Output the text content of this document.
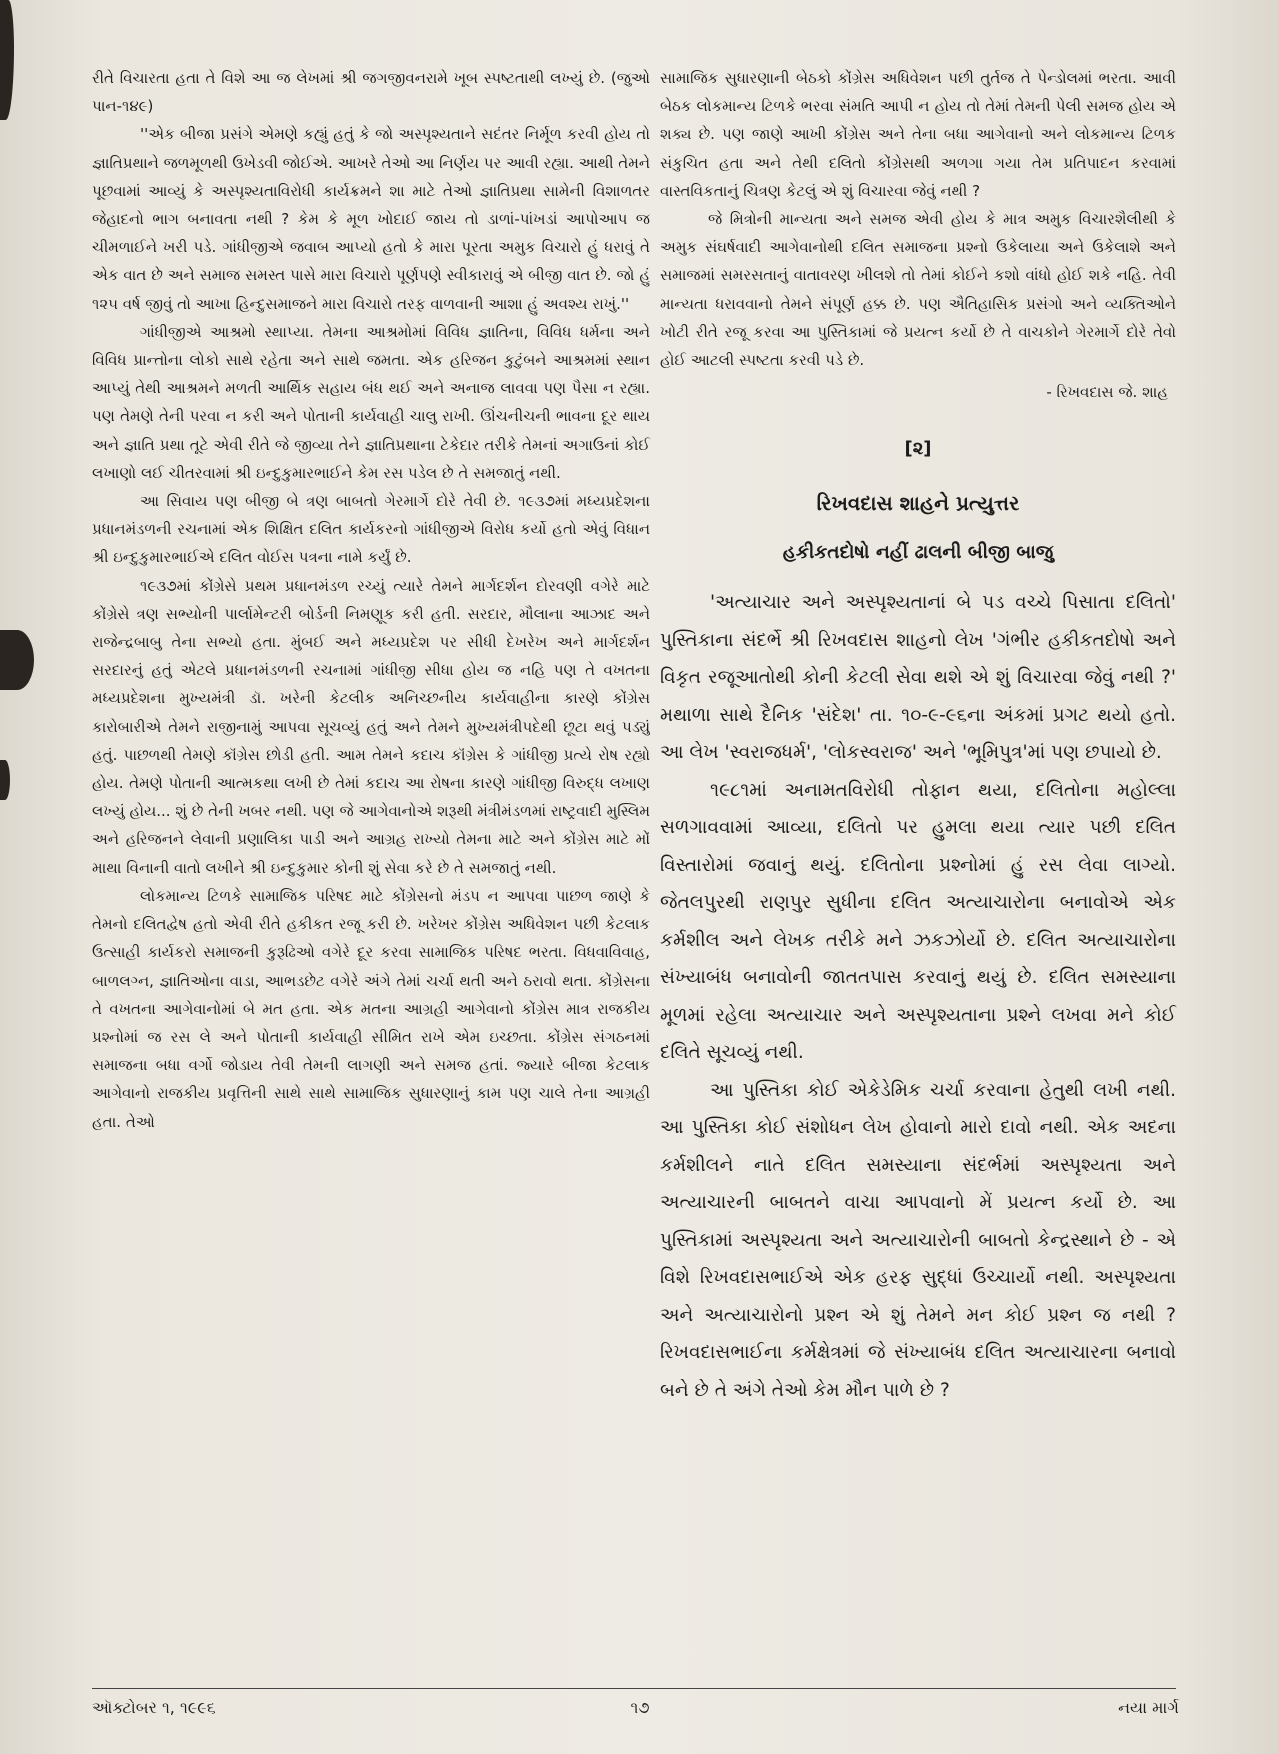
રીતે વિચારતા હતા તે વિશે આ જ લેખમાં શ્રી જગજીવનરામે ખૂબ સ્પષ્ટતાથી લખ્યું છે. (જુઓ પાન-૧૪૯)

''એક બીજા પ્રસંગે એમણે કહ્યું હતું કે જો અસ્પૃશ્યતાને સદંતર નિર્મૂળ કરવી હોય તો જ્ઞાતિપ્રથાને જળમૂળથી ઉખેડવી જોઈએ. આખરે તેઓ આ નિર્ણય પર આવી રહ્યા. આથી તેમને પૂછવામાં આવ્યું કે અસ્પૃશ્યતાવિરોધી કાર્યક્રમને શા માટે તેઓ જ્ઞાતિપ્રથા સામેની વિશાળતર જેહાદનો ભાગ બનાવતા નથી ? કેમ કે મૂળ ખોદાઈ જાય તો ડાળાં-પાંખડાં આપોઆપ જ ચીમળાઈને ખરી પડે. ગાંધીજીએ જવાબ આપ્યો હતો કે મારા પૂરતા અમુક વિચારો હું ધરાવું તે એક વાત છે અને સમાજ સમસ્ત પાસે મારા વિચારો પૂર્ણપણે સ્વીકારાવું એ બીજી વાત છે. જો હું ૧૨૫ વર્ષ જીવું તો આખા હિન્દુસમાજને મારા વિચારો તરફ વાળવાની આશા હું અવશ્ય રાખું.''

ગાંધીજીએ આશ્રમો સ્થાપ્યા. તેમના આશ્રમોમાં વિવિધ જ્ઞાતિના, વિવિધ ધર્મના અને વિવિધ પ્રાન્તોના લોકો સાથે રહેતા અને સાથે જમતા. એક હરિજન કુટુંબને આશ્રમમાં સ્થાન આપ્યું તેથી આશ્રમને મળતી આર્થિક સહાય બંધ થઈ અને અનાજ લાવવા પણ પૈસા ન રહ્યા. પણ તેમણે તેની પરવા ન કરી અને પોતાની કાર્યવાહી ચાલુ રાખી. ઊંચનીચની ભાવના દૂર થાય અને જ્ઞાતિ પ્રથા તૂટે એવી રીતે જે જીવ્યા તેને જ્ઞાતિપ્રથાના ટેકેદાર તરીકે તેમનાં અગાઉનાં કોઈ લખાણો લઈ ચીતરવામાં શ્રી ઇન્દુકુમારભાઈને કેમ રસ પડેલ છે તે સમજાતું નથી.

આ સિવાય પણ બીજી બે ત્રણ બાબતો ગેરમાર્ગે દોરે તેવી છે. ૧૯૩૭માં મધ્યપ્રદેશના પ્રધાનમંડળની રચનામાં એક શિક્ષિત દલિત કાર્યકરનો ગાંધીજીએ વિરોધ કર્યો હતો એવું વિધાન શ્રી ઇન્દુકુમારભાઈએ દલિત વોઈસ પત્રના નામે કર્યું છે.

૧૯૩૭માં કોંગ્રેસે પ્રથમ પ્રધાનમંડળ રચ્યું ત્યારે તેમને માર્ગદર્શન દોરવણી વગેરે માટે કોંગ્રેસે ત્રણ સભ્યોની પાર્લામેન્ટરી બોર્ડની નિમણૂક કરી હતી. સરદાર, મૌલાના આઝાદ અને રાજેન્દ્રબાબુ તેના સભ્યો હતા. મુંબઈ અને મધ્યપ્રદેશ પર સીધી દેખરેખ અને માર્ગદર્શન સરદારનું હતું એટલે પ્રધાનમંડળની રચનામાં ગાંધીજી સીધા હોય જ નહિ પણ તે વખતના મધ્યપ્રદેશના મુખ્યમંત્રી ડૉ. ખરેની કેટલીક અનિચ્છનીય કાર્યવાહીના કારણે કોંગ્રેસ કારોબારીએ તેમને રાજીનામું આપવા સૂચવ્યું હતું અને તેમને મુખ્યમંત્રીપદેથી છૂટા થવું પડ્યું હતું. પાછળથી તેમણે કૉંગ્રેસ છોડી હતી. આમ તેમને કદાચ કૉંગ્રેસ કે ગાંધીજી પ્રત્યે રોષ રહ્યો હોય. તેમણે પોતાની આત્મકથા લખી છે તેમાં કદાચ આ રોષના કારણે ગાંધીજી વિરુદ્ધ લખાણ લખ્યું હોય... શું છે તેની ખબર નથી. પણ જે આગેવાનોએ શરૂથી મંત્રીમંડળમાં રાષ્ટ્રવાદી મુસ્લિમ અને હરિજનને લેવાની પ્રણાલિકા પાડી અને આગ્રહ રાખ્યો તેમના માટે અને કોંગ્રેસ માટે મોં માથા વિનાની વાતો લખીને શ્રી ઇન્દુકુમાર કોની શું સેવા કરે છે તે સમજાતું નથી.

લોકમાન્ય ટિળકે સામાજિક પરિષદ માટે કોંગ્રેસનો મંડપ ન આપવા પાછળ જાણે કે તેમનો દલિતદ્વેષ હતો એવી રીતે હકીકત રજૂ કરી છે. ખરેખર કોંગ્રેસ અધિવેશન પછી કેટલાક ઉત્સાહી કાર્યકરો સમાજની કુરૂઢિઓ વગેરે દૂર કરવા સામાજિક પરિષદ ભરતા. વિધવાવિવાહ, બાળલગ્ન, જ્ઞાતિઓના વાડા, આભડછેટ વગેરે અંગે તેમાં ચર્ચા થતી અને ઠરાવો થતા. કોંગ્રેસના તે વખતના આગેવાનોમાં બે મત હતા. એક મતના આગ્રહી આગેવાનો કોંગ્રેસ માત્ર રાજકીય પ્રશ્નોમાં જ રસ લે અને પોતાની કાર્યવાહી સીમિત રાખે એમ ઇચ્છતા. કોંગ્રેસ સંગઠનમાં સમાજના બધા વર્ગો જોડાય તેવી તેમની લાગણી અને સમજ હતાં. જ્યારે બીજા કેટલાક આગેવાનો રાજકીય પ્રવૃત્તિની સાથે સાથે સામાજિક સુધારણાનું કામ પણ ચાલે તેના આગ્રહી હતા. તેઓ

સામાજિક સુધારણાની બેઠકો કોંગ્રેસ અધિવેશન પછી તુર્તજ તે પેન્ડોલમાં ભરતા. આવી બેઠક લોકમાન્ય ટિળકે ભરવા સંમતિ આપી ન હોય તો તેમાં તેમની પેલી સમજ હોય એ શક્ય છે. પણ જાણે આખી કોંગ્રેસ અને તેના બધા આગેવાનો અને લોકમાન્ય ટિળક સંકુચિત હતા અને તેથી દલિતો કોંગ્રેસથી અળગા ગયા તેમ પ્રતિપાદન કરવામાં વાસ્તવિકતાનું ચિત્રણ કેટલું એ શું વિચારવા જેવું નથી ?

જે મિત્રોની માન્યતા અને સમજ એવી હોય કે માત્ર અમુક વિચારશૈલીથી કે અમુક સંઘર્ષવાદી આગેવાનોથી દલિત સમાજના પ્રશ્નો ઉકેલાયા અને ઉકેલાશે અને સમાજમાં સમરસતાનું વાતાવરણ ખીલશે તો તેમાં કોઈને કશો વાંધો હોઈ શકે નહિ. તેવી માન્યતા ધરાવવાનો તેમને સંપૂર્ણ હક્ક છે. પણ ઐતિહાસિક પ્રસંગો અને વ્યક્તિઓને ખોટી રીતે રજૂ કરવા આ પુસ્તિકામાં જે પ્રયત્ન કર્યો છે તે વાચકોને ગેરમાર્ગે દોરે તેવો હોઈ આટલી સ્પષ્ટતા કરવી પડે છે.

- રિખવદાસ જે. શાહ
[૨]
રિખવદાસ શાહને પ્રત્યુત્તર
હકીકતદોષો નહીં ઢાલની બીજી બાજુ

'અત્યાચાર અને અસ્પૃશ્યતાનાં બે પડ વચ્ચે પિસાતા દલિતો' પુસ્તિકાના સંદર્ભે શ્રી રિખવદાસ શાહનો લેખ 'ગંભીર હકીકતદોષો અને વિકૃત રજૂઆતોથી કોની કેટલી સેવા થશે એ શું વિચારવા જેવું નથી ?' મથાળા સાથે દૈનિક 'સંદેશ' તા. ૧૦-૯-૯૬ના અંકમાં પ્રગટ થયો હતો. આ લેખ 'સ્વરાજધર્મ', 'લોકસ્વરાજ' અને 'ભૂમિપુત્ર'માં પણ છપાયો છે.

૧૯૮૧માં અનામતવિરોધી તોફાન થયા, દલિતોના મહોલ્લા સળગાવવામાં આવ્યા, દલિતો પર હુમલા થયા ત્યાર પછી દલિત વિસ્તારોમાં જવાનું થયું. દલિતોના પ્રશ્નોમાં હું રસ લેવા લાગ્યો. જેતલપુરથી રાણપુર સુધીના દલિત અત્યાચારોના બનાવોએ એક કર્મશીલ અને લેખક તરીકે મને ઝકઝોર્યો છે. દલિત અત્યાચારોના સંખ્યાબંધ બનાવોની જાતતપાસ કરવાનું થયું છે. દલિત સમસ્યાના મૂળમાં રહેલા અત્યાચાર અને અસ્પૃશ્યતાના પ્રશ્ને લખવા મને કોઈ દલિતે સૂચવ્યું નથી.

આ પુસ્તિકા કોઈ એકેડેમિક ચર્ચા કરવાના હેતુથી લખી નથી. આ પુસ્તિકા કોઈ સંશોધન લેખ હોવાનો મારો દાવો નથી. એક અદના કર્મશીલને નાતે દલિત સમસ્યાના સંદર્ભમાં અસ્પૃશ્યતા અને અત્યાચારની બાબતને વાચા આપવાનો મેં પ્રયત્ન કર્યો છે. આ પુસ્તિકામાં અસ્પૃશ્યતા અને અત્યાચારોની બાબતો કેન્દ્રસ્થાને છે - એ વિશે રિખવદાસભાઈએ એક હરફ સુદ્ધાં ઉચ્ચાર્યો નથી. અસ્પૃશ્યતા અને અત્યાચારોનો પ્રશ્ન એ શું તેમને મન કોઈ પ્રશ્ન જ નથી ? રિખવદાસભાઈના કર્મક્ષેત્રમાં જે સંખ્યાબંધ દલિત અત્યાચારના બનાવો બને છે તે અંગે તેઓ કેમ મૌન પાળે છે ?

ઑક્ટોબર ૧, ૧૯૯૬	૧૭	નયા માર્ગ
